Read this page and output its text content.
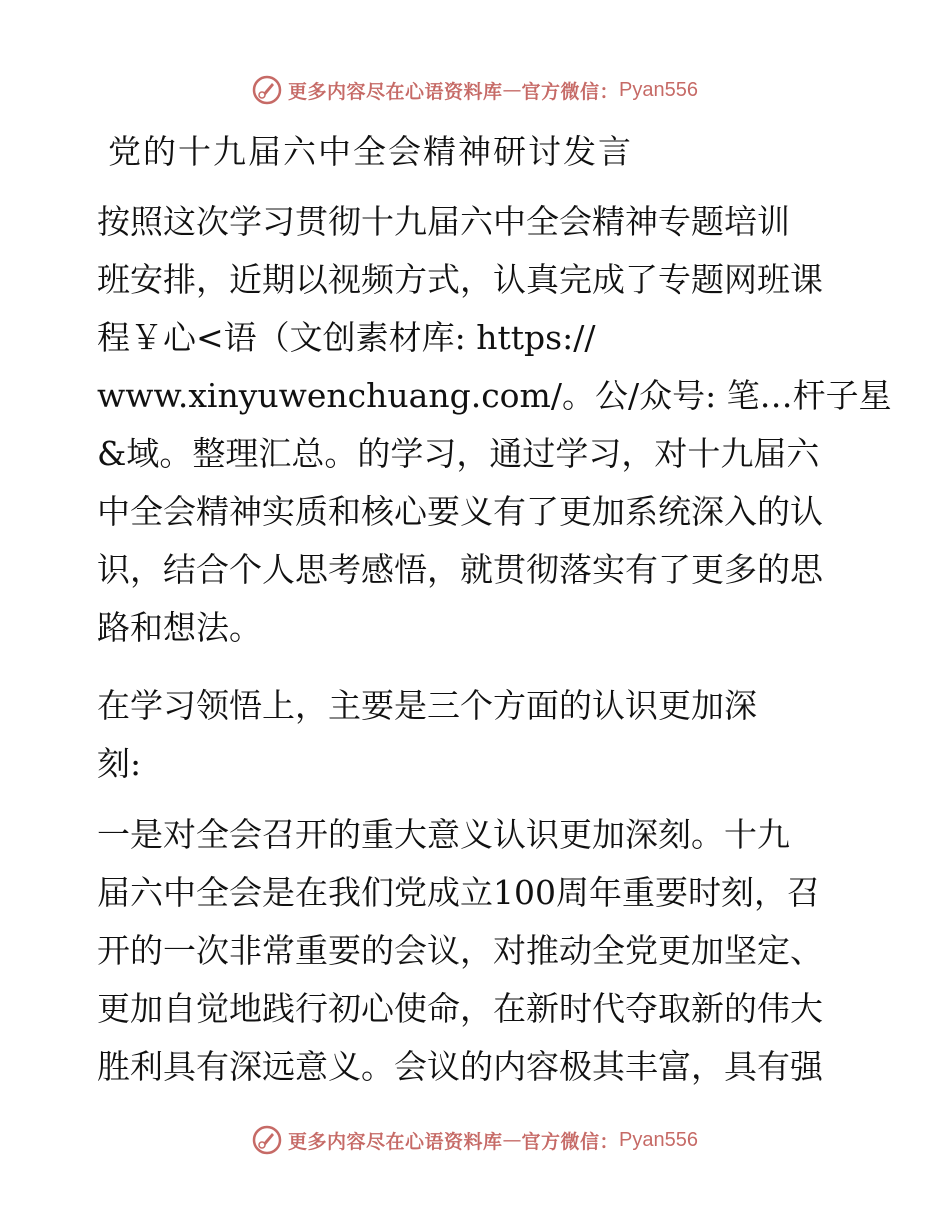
更多内容尽在心语资料库 — 官方微信： Pyan556
党的十九届六中全会精神研讨发言
按照这次学习贯彻十九届六中全会精神专题培训
班安排，近期以视频方式，认真完成了专题网班课
程￥心<语（文创素材库: https://
www.xinyuwenchuang.com/。公/众号: 笔…杆子星
&域。整理汇总。的学习，通过学习，对十九届六
中全会精神实质和核心要义有了更加系统深入的认
识，结合个人思考感悟，就贯彻落实有了更多的思
路和想法。
在学习领悟上，主要是三个方面的认识更加深
刻:
一是对全会召开的重大意义认识更加深刻。十九
届六中全会是在我们党成立100周年重要时刻，召
开的一次非常重要的会议，对推动全党更加坚定、
更加自觉地践行初心使命，在新时代夺取新的伟大
胜利具有深远意义。会议的内容极其丰富，具有强
更多内容尽在心语资料库 — 官方微信： Pyan556
